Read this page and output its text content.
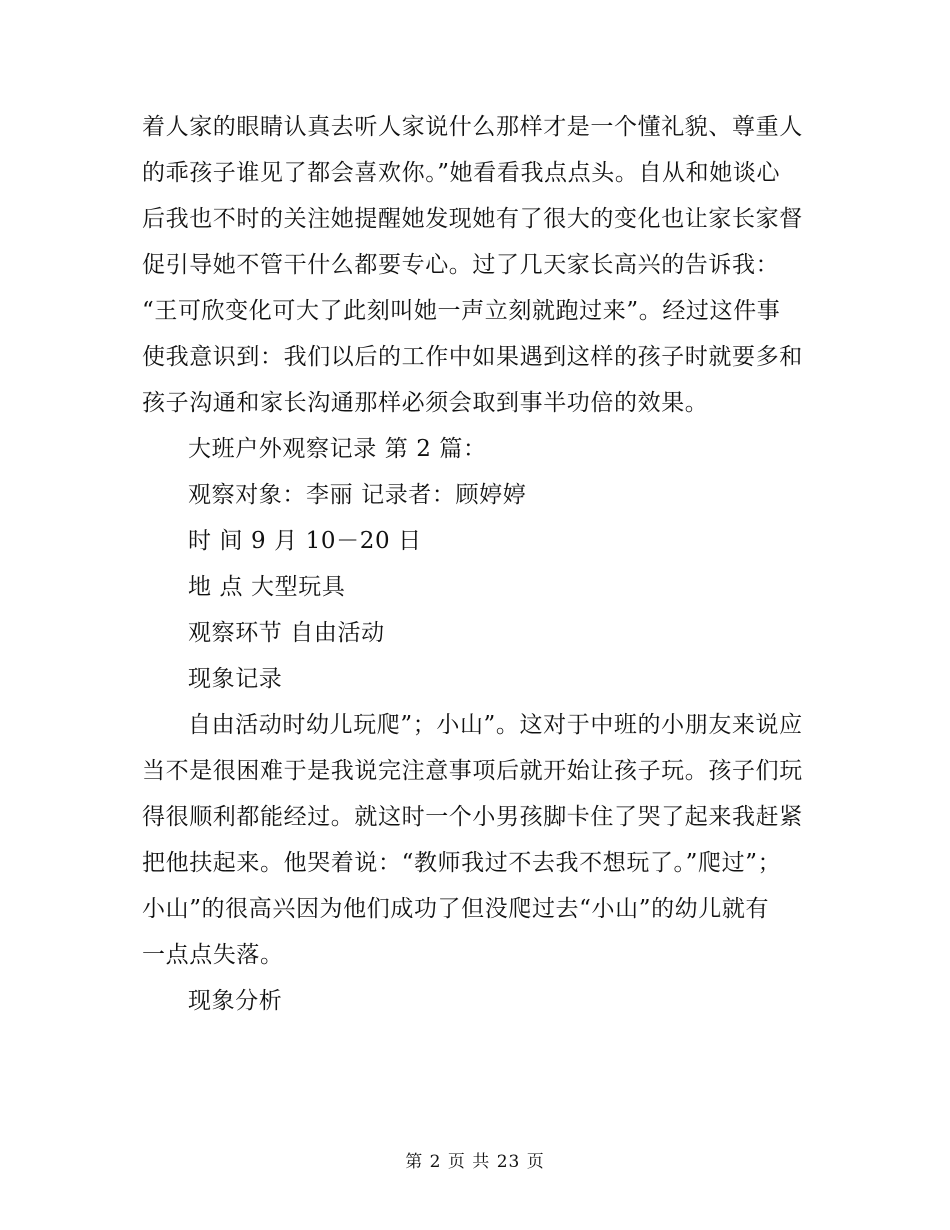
着人家的眼睛认真去听人家说什么那样才是一个懂礼貌、尊重人
的乖孩子谁见了都会喜欢你。”她看看我点点头。自从和她谈心
后我也不时的关注她提醒她发现她有了很大的变化也让家长家督
促引导她不管干什么都要专心。过了几天家长高兴的告诉我：
“王可欣变化可大了此刻叫她一声立刻就跑过来”。经过这件事
使我意识到：我们以后的工作中如果遇到这样的孩子时就要多和
孩子沟通和家长沟通那样必须会取到事半功倍的效果。
大班户外观察记录 第 2 篇：
观察对象：李丽 记录者：顾婷婷
时 间 9 月 10－20 日
地 点 大型玩具
观察环节 自由活动
现象记录
自由活动时幼儿玩爬”；小山”。这对于中班的小朋友来说应
当不是很困难于是我说完注意事项后就开始让孩子玩。孩子们玩
得很顺利都能经过。就这时一个小男孩脚卡住了哭了起来我赶紧
把他扶起来。他哭着说：“教师我过不去我不想玩了。”爬过”；
小山”的很高兴因为他们成功了但没爬过去“小山”的幼儿就有
一点点失落。
现象分析
第 2 页 共 23 页
